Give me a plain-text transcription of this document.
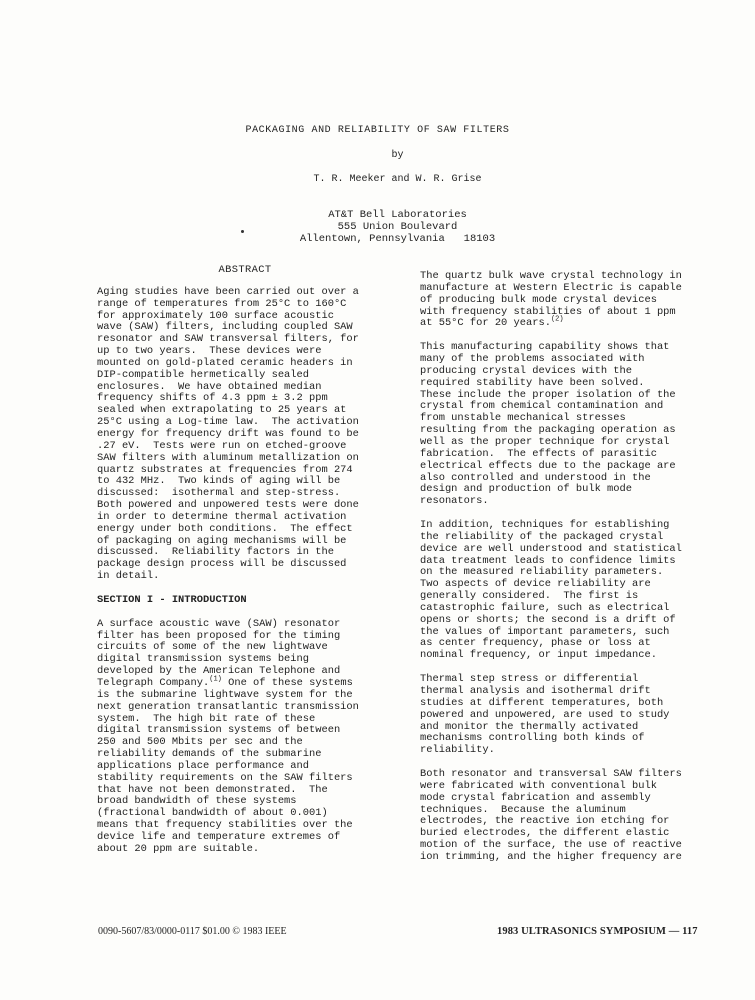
PACKAGING AND RELIABILITY OF SAW FILTERS
by
T. R. Meeker and W. R. Grise
AT&T Bell Laboratories
555 Union Boulevard
Allentown, Pennsylvania   18103
ABSTRACT
Aging studies have been carried out over a
range of temperatures from 25°C to 160°C
for approximately 100 surface acoustic
wave (SAW) filters, including coupled SAW
resonator and SAW transversal filters, for
up to two years.  These devices were
mounted on gold-plated ceramic headers in
DIP-compatible hermetically sealed
enclosures.  We have obtained median
frequency shifts of 4.3 ppm ± 3.2 ppm
sealed when extrapolating to 25 years at
25°C using a Log-time law.  The activation
energy for frequency drift was found to be
.27 eV.  Tests were run on etched-groove
SAW filters with aluminum metallization on
quartz substrates at frequencies from 274
to 432 MHz.  Two kinds of aging will be
discussed:  isothermal and step-stress.
Both powered and unpowered tests were done
in order to determine thermal activation
energy under both conditions.  The effect
of packaging on aging mechanisms will be
discussed.  Reliability factors in the
package design process will be discussed
in detail.
SECTION I - INTRODUCTION
A surface acoustic wave (SAW) resonator
filter has been proposed for the timing
circuits of some of the new lightwave
digital transmission systems being
developed by the American Telephone and
Telegraph Company.$^{(1)}$ One of these systems
is the submarine lightwave system for the
next generation transatlantic transmission
system.  The high bit rate of these
digital transmission systems of between
250 and 500 Mbits per sec and the
reliability demands of the submarine
applications place performance and
stability requirements on the SAW filters
that have not been demonstrated.  The
broad bandwidth of these systems
(fractional bandwidth of about 0.001)
means that frequency stabilities over the
device life and temperature extremes of
about 20 ppm are suitable.
The quartz bulk wave crystal technology in
manufacture at Western Electric is capable
of producing bulk mode crystal devices
with frequency stabilities of about 1 ppm
at 55°C for 20 years.$^{(2)}$
This manufacturing capability shows that
many of the problems associated with
producing crystal devices with the
required stability have been solved.
These include the proper isolation of the
crystal from chemical contamination and
from unstable mechanical stresses
resulting from the packaging operation as
well as the proper technique for crystal
fabrication.  The effects of parasitic
electrical effects due to the package are
also controlled and understood in the
design and production of bulk mode
resonators.
In addition, techniques for establishing
the reliability of the packaged crystal
device are well understood and statistical
data treatment leads to confidence limits
on the measured reliability parameters.
Two aspects of device reliability are
generally considered.  The first is
catastrophic failure, such as electrical
opens or shorts; the second is a drift of
the values of important parameters, such
as center frequency, phase or loss at
nominal frequency, or input impedance.
Thermal step stress or differential
thermal analysis and isothermal drift
studies at different temperatures, both
powered and unpowered, are used to study
and monitor the thermally activated
mechanisms controlling both kinds of
reliability.
Both resonator and transversal SAW filters
were fabricated with conventional bulk
mode crystal fabrication and assembly
techniques.  Because the aluminum
electrodes, the reactive ion etching for
buried electrodes, the different elastic
motion of the surface, the use of reactive
ion trimming, and the higher frequency are
0090-5607/83/0000-0117 $01.00 © 1983 IEEE	1983 ULTRASONICS SYMPOSIUM — 117
